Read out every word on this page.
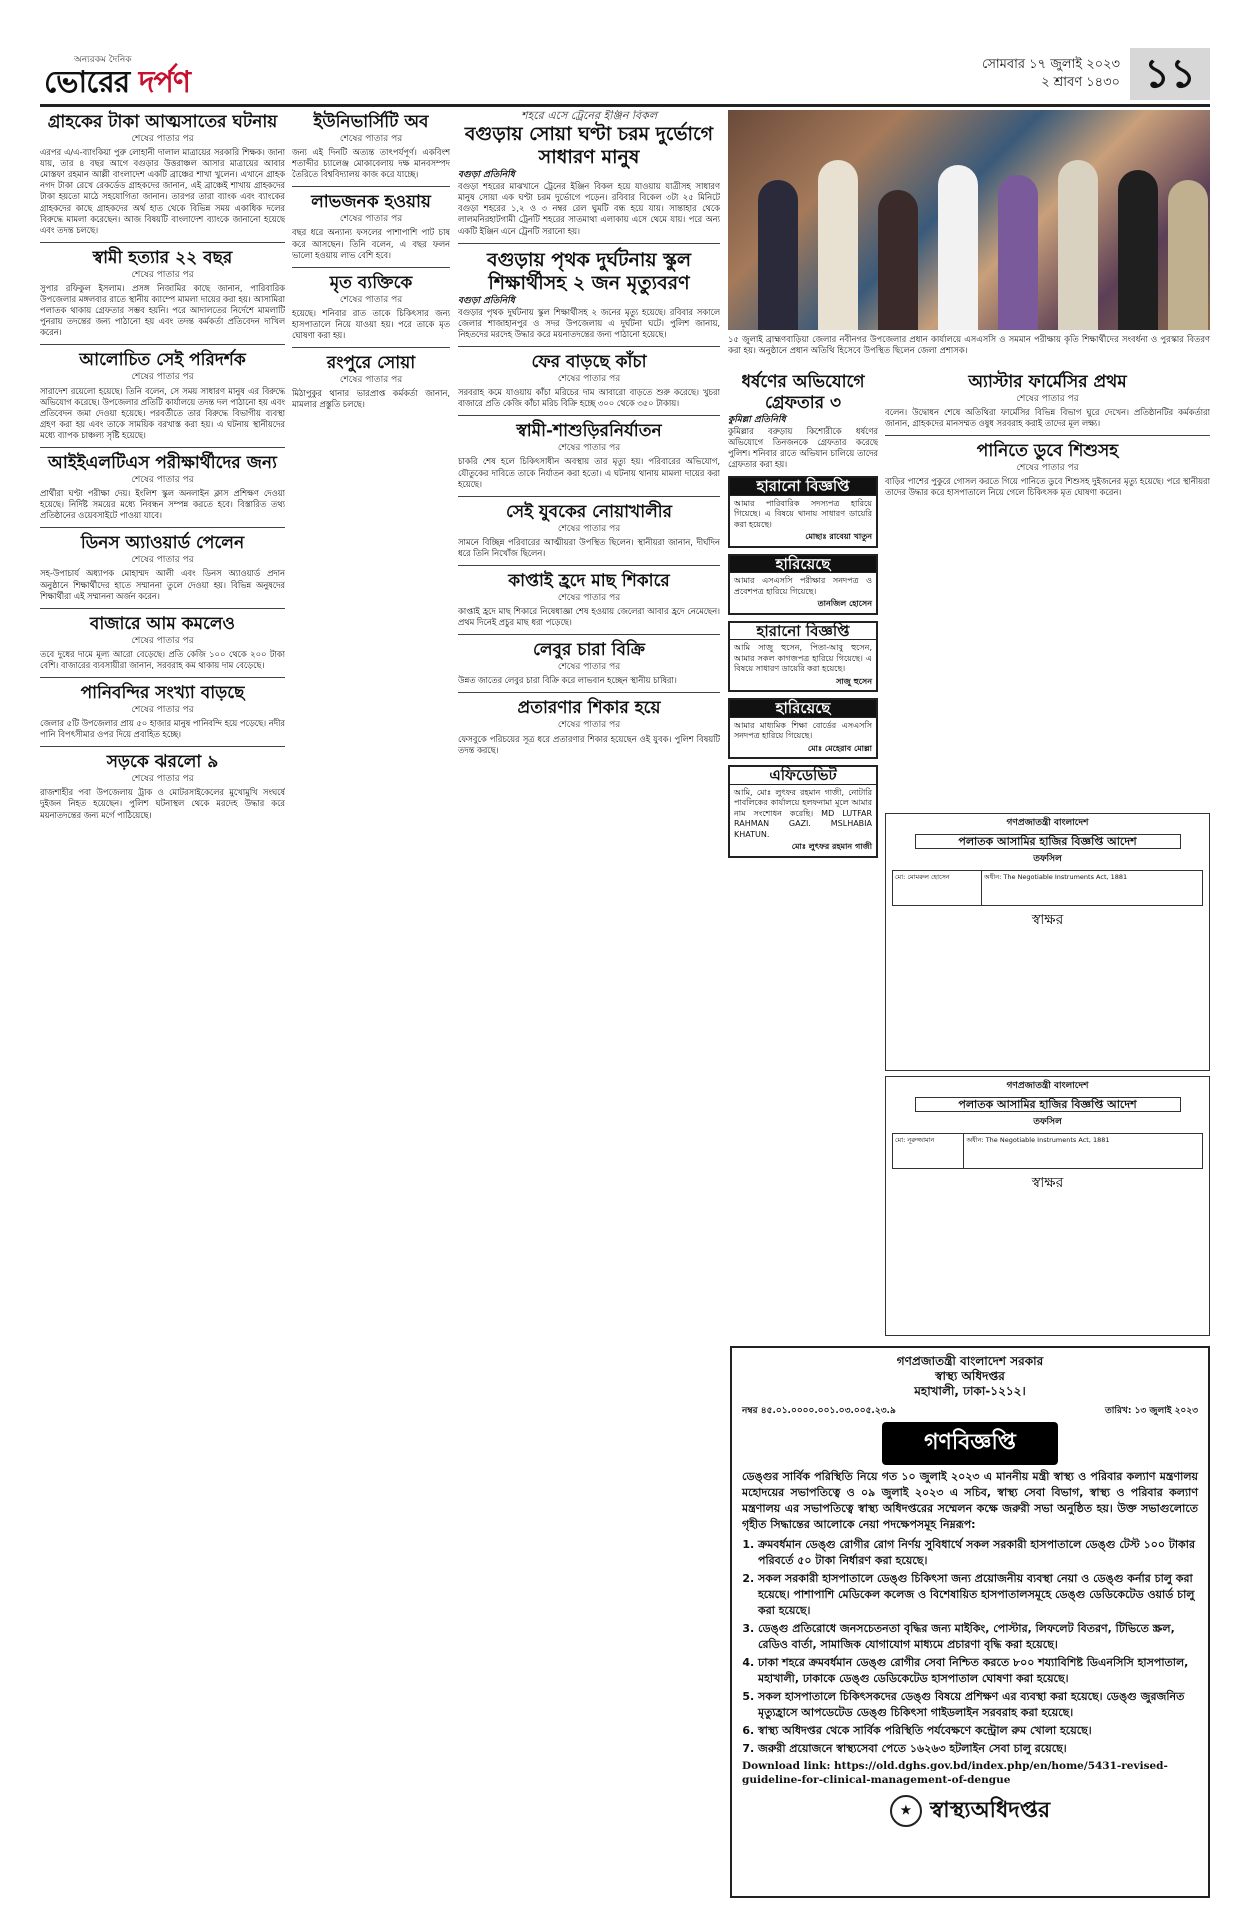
অন্যরকম দৈনিক
ভোরের দর্পণ
সোমবার ১৭ জুলাই ২০২৩
২ শ্রাবণ ১৪৩০ ১১
গ্রাহকের টাকা আত্মসাতের ঘটনায়
শেষের পাতার পর

এরপর এ/এ-ব্যাংকিয়া পুরু লোহানী দালাল মাত্রায়ের সরকারি শিক্ষক। জানা যায়, তার ৪ বছর আগে বগুড়ার উত্তরাঞ্চল আসার মাত্রায়ের আবার মোস্তফা রহমান আল্লী বাংলাদেশ একটি ব্রাঞ্চের শাখা খুলেন। এখানে গ্রাহক নগদ টাকা রেখে রেকর্ডেড গ্রাহকদের জানান, এই ব্রাঞ্চেই শাখায় গ্রাহকদের টাকা হয়তো মাঠে সহযোগিতা জানান। তারপর তারা ব্যাংক এবং ব্যাংকের গ্রাহকদের কাছে গ্রাহকদের অর্থ হাত থেকে বিভিন্ন সময় একাধিক দলের বিরুদ্ধে মামলা করেছেন। আজ বিষয়টি বাংলাদেশ ব্যাংকে জানানো হয়েছে এবং তদন্ত চলছে।

স্বামী হত্যার ২২ বছর
শেষের পাতার পর

সুপার রফিকুল ইসলাম। প্রসঙ্গ নিজামির কাছে জানান, পারিবারিক উপজেলার মঙ্গলবার রাতে স্থানীয় ক্যাম্পে মামলা দায়ের করা হয়। আসামিরা পলাতক থাকায় গ্রেফতার সম্ভব হয়নি। পরে আদালতের নির্দেশে মামলাটি পুনরায় তদন্তের জন্য পাঠানো হয় এবং তদন্ত কর্মকর্তা প্রতিবেদন দাখিল করেন।

আলোচিত সেই পরিদর্শক
শেষের পাতার পর

সারাদেশ রয়েলো হয়েছে। তিনি বলেন, সে সময় সাধারণ মানুষ এর বিরুদ্ধে অভিযোগ করেছে। উপজেলার প্রতিটি কার্যালয়ে তদন্ত দল পাঠানো হয় এবং প্রতিবেদন জমা দেওয়া হয়েছে। পরবর্তীতে তার বিরুদ্ধে বিভাগীয় ব্যবস্থা গ্রহণ করা হয় এবং তাকে সাময়িক বরখাস্ত করা হয়। এ ঘটনায় স্থানীয়দের মধ্যে ব্যাপক চাঞ্চল্য সৃষ্টি হয়েছে।

আইইএলটিএস পরীক্ষার্থীদের জন্য
শেষের পাতার পর

প্রার্থীরা ঘণ্টা পরীক্ষা দেয়। ইংলিশ স্কুল অনলাইন ক্লাস প্রশিক্ষণ দেওয়া হয়েছে। নির্দিষ্ট সময়ের মধ্যে নিবন্ধন সম্পন্ন করতে হবে। বিস্তারিত তথ্য প্রতিষ্ঠানের ওয়েবসাইটে পাওয়া যাবে।

ডিনস অ্যাওয়ার্ড পেলেন
শেষের পাতার পর

সহ-উপাচার্য অধ্যাপক মোহাম্মদ আলী এবং ডিনস অ্যাওয়ার্ড প্রদান অনুষ্ঠানে শিক্ষার্থীদের হাতে সম্মাননা তুলে দেওয়া হয়। বিভিন্ন অনুষদের শিক্ষার্থীরা এই সম্মাননা অর্জন করেন।

বাজারে আম কমলেও
শেষের পাতার পর

তবে দুধের দামে মূল্য আরো বেড়েছে। প্রতি কেজি ১০০ থেকে ২০০ টাকা বেশি। বাজারের ব্যবসায়ীরা জানান, সরবরাহ কম থাকায় দাম বেড়েছে।

পানিবন্দির সংখ্যা বাড়ছে
শেষের পাতার পর

জেলার ৫টি উপজেলার প্রায় ৫০ হাজার মানুষ পানিবন্দি হয়ে পড়েছে। নদীর পানি বিপৎসীমার ওপর দিয়ে প্রবাহিত হচ্ছে।

সড়কে ঝরলো ৯
শেষের পাতার পর

রাজশাহীর পবা উপজেলায় ট্রাক ও মোটরসাইকেলের মুখোমুখি সংঘর্ষে দুইজন নিহত হয়েছেন। পুলিশ ঘটনাস্থল থেকে মরদেহ উদ্ধার করে ময়নাতদন্তের জন্য মর্গে পাঠিয়েছে।

ইউনিভার্সিটি অব
শেষের পাতার পর

জন্য এই দিনটি অত্যন্ত তাৎপর্যপূর্ণ। একবিংশ শতাব্দীর চ্যালেঞ্জ মোকাবেলায় দক্ষ মানবসম্পদ তৈরিতে বিশ্ববিদ্যালয় কাজ করে যাচ্ছে।

লাভজনক হওয়ায়
শেষের পাতার পর

বছর ধরে অন্যান্য ফসলের পাশাপাশি পাট চাষ করে আসছেন। তিনি বলেন, এ বছর ফলন ভালো হওয়ায় লাভ বেশি হবে।

মৃত ব্যক্তিকে
শেষের পাতার পর

হয়েছে। শনিবার রাত তাকে চিকিৎসার জন্য হাসপাতালে নিয়ে যাওয়া হয়। পরে তাকে মৃত ঘোষণা করা হয়।

রংপুরে সোয়া
শেষের পাতার পর

মিঠাপুকুর থানার ভারপ্রাপ্ত কর্মকর্তা জানান, মামলার প্রস্তুতি চলছে।

শহরে এসে ট্রেনের ইঞ্জিন বিকল
বগুড়ায় সোয়া ঘণ্টা চরম দুর্ভোগে সাধারণ মানুষ
বগুড়া প্রতিনিধি

বগুড়া শহরের মাঝখানে ট্রেনের ইঞ্জিন বিকল হয়ে যাওয়ায় যাত্রীসহ সাধারণ মানুষ সোয়া এক ঘণ্টা চরম দুর্ভোগে পড়েন। রবিবার বিকেল ৩টা ২৫ মিনিটে বগুড়া শহরের ১,২ ও ৩ নম্বর রেল ঘুমটি বন্ধ হয়ে যায়। সান্তাহার থেকে লালমনিরহাটগামী ট্রেনটি শহরের সাতমাথা এলাকায় এসে থেমে যায়। পরে অন্য একটি ইঞ্জিন এনে ট্রেনটি সরানো হয়।

বগুড়ায় পৃথক দুর্ঘটনায় স্কুল শিক্ষার্থীসহ ২ জন মৃত্যুবরণ
বগুড়া প্রতিনিধি

বগুড়ার পৃথক দুর্ঘটনায় স্কুল শিক্ষার্থীসহ ২ জনের মৃত্যু হয়েছে। রবিবার সকালে জেলার শাজাহানপুর ও সদর উপজেলায় এ দুর্ঘটনা ঘটে। পুলিশ জানায়, নিহতদের মরদেহ উদ্ধার করে ময়নাতদন্তের জন্য পাঠানো হয়েছে।

ফের বাড়ছে কাঁচা
শেষের পাতার পর

সরবরাহ কমে যাওয়ায় কাঁচা মরিচের দাম আবারো বাড়তে শুরু করেছে। খুচরা বাজারে প্রতি কেজি কাঁচা মরিচ বিক্রি হচ্ছে ৩০০ থেকে ৩৫০ টাকায়।

স্বামী-শাশুড়িরনির্যাতন
শেষের পাতার পর

চাকরি শেষ হলে চিকিৎসাধীন অবস্থায় তার মৃত্যু হয়। পরিবারের অভিযোগ, যৌতুকের দাবিতে তাকে নির্যাতন করা হতো। এ ঘটনায় থানায় মামলা দায়ের করা হয়েছে।

সেই যুবকের নোয়াখালীর
শেষের পাতার পর

সামনে বিচ্ছিন্ন পরিবারের আত্মীয়রা উপস্থিত ছিলেন। স্থানীয়রা জানান, দীর্ঘদিন ধরে তিনি নিখোঁজ ছিলেন।

কাপ্তাই হ্রদে মাছ শিকারে
শেষের পাতার পর

কাপ্তাই হ্রদে মাছ শিকারে নিষেধাজ্ঞা শেষ হওয়ায় জেলেরা আবার হ্রদে নেমেছেন। প্রথম দিনেই প্রচুর মাছ ধরা পড়েছে।

লেবুর চারা বিক্রি
শেষের পাতার পর

উন্নত জাতের লেবুর চারা বিক্রি করে লাভবান হচ্ছেন স্থানীয় চাষিরা।

প্রতারণার শিকার হয়ে
শেষের পাতার পর

ফেসবুকে পরিচয়ের সূত্র ধরে প্রতারণার শিকার হয়েছেন ওই যুবক। পুলিশ বিষয়টি তদন্ত করছে।

১৫ জুলাই ব্রাহ্মণবাড়িয়া জেলার নবীনগর উপজেলার প্রধান কার্যালয়ে এসএসসি ও সমমান পরীক্ষায় কৃতি শিক্ষার্থীদের সংবর্ধনা ও পুরস্কার বিতরণ করা হয়। অনুষ্ঠানে প্রধান অতিথি হিসেবে উপস্থিত ছিলেন জেলা প্রশাসক।
ধর্ষণের অভিযোগে গ্রেফতার ৩
কুমিল্লা প্রতিনিধি

কুমিল্লার বরুড়ায় কিশোরীকে ধর্ষণের অভিযোগে তিনজনকে গ্রেফতার করেছে পুলিশ। শনিবার রাতে অভিযান চালিয়ে তাদের গ্রেফতার করা হয়।

হারানো বিজ্ঞপ্তি
আমার পারিবারিক সদস্যপত্র হারিয়ে গিয়েছে। এ বিষয়ে থানায় সাধারণ ডায়েরি করা হয়েছে।
মোছাঃ রাবেয়া খাতুন
হারিয়েছে
আমার এসএসসি পরীক্ষার সনদপত্র ও প্রবেশপত্র হারিয়ে গিয়েছে।
তানজিল হোসেন
হারানো বিজ্ঞপ্তি
আমি সাজু হুসেন, পিতা-আবু হুসেন, আমার সকল কাগজপত্র হারিয়ে গিয়েছে। এ বিষয়ে সাধারণ ডায়েরি করা হয়েছে।
সাজু হুসেন
হারিয়েছে
আমার মাধ্যমিক শিক্ষা বোর্ডের এসএসসি সনদপত্র হারিয়ে গিয়েছে।
মোঃ মেহেরাব মোল্লা
এফিডেভিট
আমি, মোঃ লুৎফর রহমান গাজী, নোটারি পাবলিকের কার্যালয়ে হলফনামা মূলে আমার নাম সংশোধন করেছি। MD LUTFAR RAHMAN GAZI. MSLHABIA KHATUN.
মোঃ লুৎফর রহমান গাজী
অ্যাস্টার ফার্মেসির প্রথম
শেষের পাতার পর

বলেন। উদ্বোধন শেষে অতিথিরা ফার্মেসির বিভিন্ন বিভাগ ঘুরে দেখেন। প্রতিষ্ঠানটির কর্মকর্তারা জানান, গ্রাহকদের মানসম্মত ওষুধ সরবরাহ করাই তাদের মূল লক্ষ্য।

পানিতে ডুবে শিশুসহ
শেষের পাতার পর

বাড়ির পাশের পুকুরে গোসল করতে গিয়ে পানিতে ডুবে শিশুসহ দুইজনের মৃত্যু হয়েছে। পরে স্থানীয়রা তাদের উদ্ধার করে হাসপাতালে নিয়ে গেলে চিকিৎসক মৃত ঘোষণা করেন।

গণপ্রজাতন্ত্রী বাংলাদেশ
পলাতক আসামির হাজির বিজ্ঞপ্তি আদেশ
তফসিল
মো: মোমরুল হোসেন	অধীন: The Negotiable Instruments Act, 1881
স্বাক্ষর
গণপ্রজাতন্ত্রী বাংলাদেশ
পলাতক আসামির হাজির বিজ্ঞপ্তি আদেশ
তফসিল
মো: নূরুজ্জামান	অধীন: The Negotiable Instruments Act, 1881
স্বাক্ষর
গণপ্রজাতন্ত্রী বাংলাদেশ সরকার
স্বাস্থ্য অধিদপ্তর
মহাখালী, ঢাকা-১২১২।
নম্বর ৪৫.০১.০০০০.০০১.০৩.০০৫.২৩.৯	তারিখ: ১৩ জুলাই ২০২৩
গণবিজ্ঞপ্তি
ডেঙ্গুর সার্বিক পরিস্থিতি নিয়ে গত ১০ জুলাই ২০২৩ এ মাননীয় মন্ত্রী স্বাস্থ্য ও পরিবার কল্যাণ মন্ত্রণালয় মহোদয়ের সভাপতিত্বে ও ০৯ জুলাই ২০২৩ এ সচিব, স্বাস্থ্য সেবা বিভাগ, স্বাস্থ্য ও পরিবার কল্যাণ মন্ত্রণালয় এর সভাপতিত্বে স্বাস্থ্য অধিদপ্তরের সম্মেলন কক্ষে জরুরী সভা অনুষ্ঠিত হয়। উক্ত সভাগুলোতে গৃহীত সিদ্ধান্তের আলোকে নেয়া পদক্ষেপসমূহ নিম্নরূপ:
1. ক্রমবর্ধমান ডেঙ্গু রোগীর রোগ নির্ণয় সুবিধার্থে সকল সরকারী হাসপাতালে ডেঙ্গু টেস্ট ১০০ টাকার পরিবর্তে ৫০ টাকা নির্ধারণ করা হয়েছে।
2. সকল সরকারী হাসপাতালে ডেঙ্গু চিকিৎসা জন্য প্রয়োজনীয় ব্যবস্থা নেয়া ও ডেঙ্গু কর্নার চালু করা হয়েছে। পাশাপাশি মেডিকেল কলেজ ও বিশেষায়িত হাসপাতালসমূহে ডেঙ্গু ডেডিকেটেড ওয়ার্ড চালু করা হয়েছে।
3. ডেঙ্গু প্রতিরোধে জনসচেতনতা বৃদ্ধির জন্য মাইকিং, পোস্টার, লিফলেট বিতরণ, টিভিতে স্ক্রল, রেডিও বার্তা, সামাজিক যোগাযোগ মাধ্যমে প্রচারণা বৃদ্ধি করা হয়েছে।
4. ঢাকা শহরে ক্রমবর্ধমান ডেঙ্গু রোগীর সেবা নিশ্চিত করতে ৮০০ শয্যাবিশিষ্ট ডিএনসিসি হাসপাতাল, মহাখালী, ঢাকাকে ডেঙ্গু ডেডিকেটেড হাসপাতাল ঘোষণা করা হয়েছে।
5. সকল হাসপাতালে চিকিৎসকদের ডেঙ্গু বিষয়ে প্রশিক্ষণ এর ব্যবস্থা করা হয়েছে। ডেঙ্গু জুরজনিত মৃত্যুহ্রাসে আপডেটেড ডেঙ্গু চিকিৎসা গাইডলাইন সরবরাহ করা হয়েছে।
6. স্বাস্থ্য অধিদপ্তর থেকে সার্বিক পরিস্থিতি পর্যবেক্ষণে কন্ট্রোল রুম খোলা হয়েছে।
7. জরুরী প্রয়োজনে স্বাস্থ্যসেবা পেতে ১৬২৬৩ হটলাইন সেবা চালু রয়েছে।
Download link: https://old.dghs.gov.bd/index.php/en/home/5431-revised-guideline-for-clinical-management-of-dengue
★ স্বাস্থ্যঅধিদপ্তর
